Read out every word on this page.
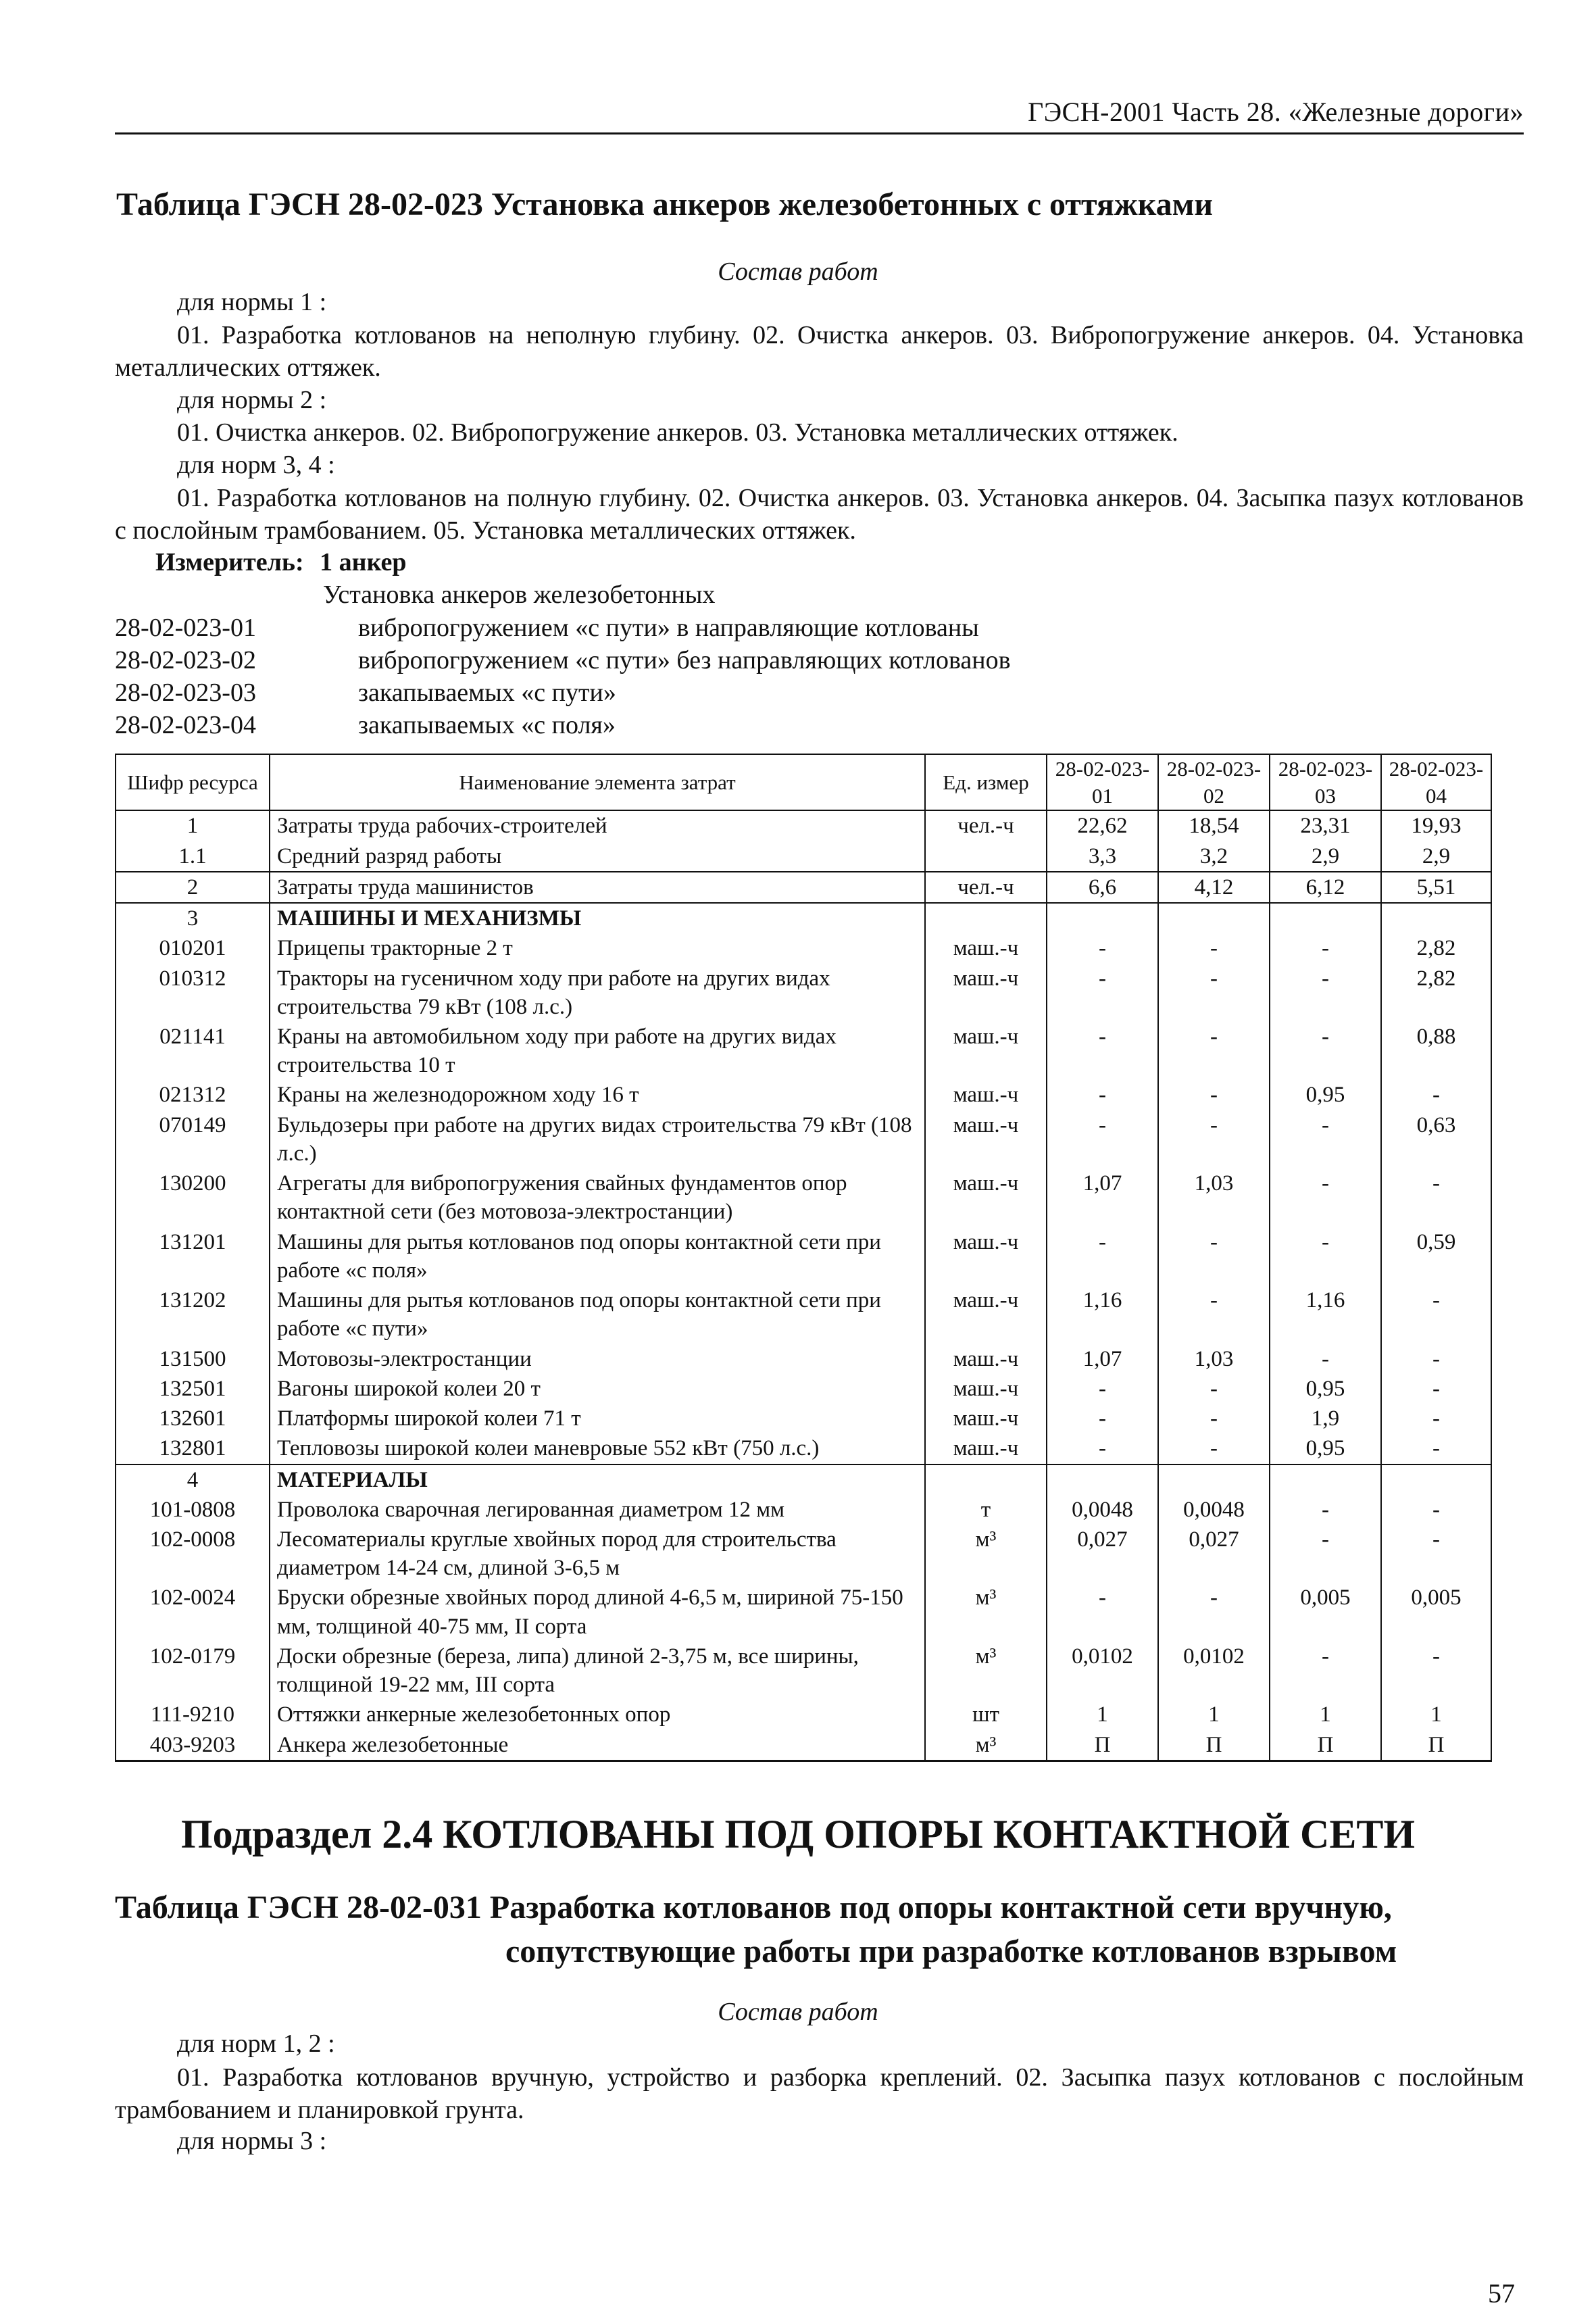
ГЭСН-2001 Часть 28. «Железные дороги»
Таблица ГЭСН 28-02-023 Установка анкеров железобетонных с оттяжками
Состав работ
для нормы 1 :
01. Разработка котлованов на неполную глубину. 02. Очистка анкеров. 03. Вибропогружение анкеров. 04. Установка металлических оттяжек.
для нормы 2 :
01. Очистка анкеров. 02. Вибропогружение анкеров. 03. Установка металлических оттяжек.
для норм 3, 4 :
01. Разработка котлованов на полную глубину. 02. Очистка анкеров. 03. Установка анкеров. 04. Засыпка пазух котлованов с послойным трамбованием. 05. Установка металлических оттяжек.
Измеритель: 1 анкер
Установка анкеров железобетонных
28-02-023-01	вибропогружением «с пути» в направляющие котлованы
28-02-023-02	вибропогружением «с пути» без направляющих котлованов
28-02-023-03	закапываемых «с пути»
28-02-023-04	закапываемых «с поля»
Шифр ресурса	Наименование элемента затрат	Ед. измер	28-02-023-01	28-02-023-02	28-02-023-03	28-02-023-04
1	Затраты труда рабочих-строителей	чел.-ч	22,62	18,54	23,31	19,93
1.1	Средний разряд работы		3,3	3,2	2,9	2,9
2	Затраты труда машинистов	чел.-ч	6,6	4,12	6,12	5,51
3	МАШИНЫ И МЕХАНИЗМЫ					
010201	Прицепы тракторные 2 т	маш.-ч	-	-	-	2,82
010312	Тракторы на гусеничном ходу при работе на других видах строительства 79 кВт (108 л.с.)	маш.-ч	-	-	-	2,82
021141	Краны на автомобильном ходу при работе на других видах строительства 10 т	маш.-ч	-	-	-	0,88
021312	Краны на железнодорожном ходу 16 т	маш.-ч	-	-	0,95	-
070149	Бульдозеры при работе на других видах строительства 79 кВт (108 л.с.)	маш.-ч	-	-	-	0,63
130200	Агрегаты для вибропогружения свайных фундаментов опор контактной сети (без мотовоза-электростанции)	маш.-ч	1,07	1,03	-	-
131201	Машины для рытья котлованов под опоры контактной сети при работе «с поля»	маш.-ч	-	-	-	0,59
131202	Машины для рытья котлованов под опоры контактной сети при работе «с пути»	маш.-ч	1,16	-	1,16	-
131500	Мотовозы-электростанции	маш.-ч	1,07	1,03	-	-
132501	Вагоны широкой колеи 20 т	маш.-ч	-	-	0,95	-
132601	Платформы широкой колеи 71 т	маш.-ч	-	-	1,9	-
132801	Тепловозы широкой колеи маневровые 552 кВт (750 л.с.)	маш.-ч	-	-	0,95	-
4	МАТЕРИАЛЫ					
101-0808	Проволока сварочная легированная диаметром 12 мм	т	0,0048	0,0048	-	-
102-0008	Лесоматериалы круглые хвойных пород для строительства диаметром 14-24 см, длиной 3-6,5 м	м³	0,027	0,027	-	-
102-0024	Бруски обрезные хвойных пород длиной 4-6,5 м, шириной 75-150 мм, толщиной 40-75 мм, II сорта	м³	-	-	0,005	0,005
102-0179	Доски обрезные (береза, липа) длиной 2-3,75 м, все ширины, толщиной 19-22 мм, III сорта	м³	0,0102	0,0102	-	-
111-9210	Оттяжки анкерные железобетонных опор	шт	1	1	1	1
403-9203	Анкера железобетонные	м³	П	П	П	П
Подраздел 2.4 КОТЛОВАНЫ ПОД ОПОРЫ КОНТАКТНОЙ СЕТИ
Таблица ГЭСН 28-02-031 Разработка котлованов под опоры контактной сети вручную,
сопутствующие работы при разработке котлованов взрывом
Состав работ
для норм 1, 2 :
01. Разработка котлованов вручную, устройство и разборка креплений. 02. Засыпка пазух котлованов с послойным трамбованием и планировкой грунта.
для нормы 3 :
57
